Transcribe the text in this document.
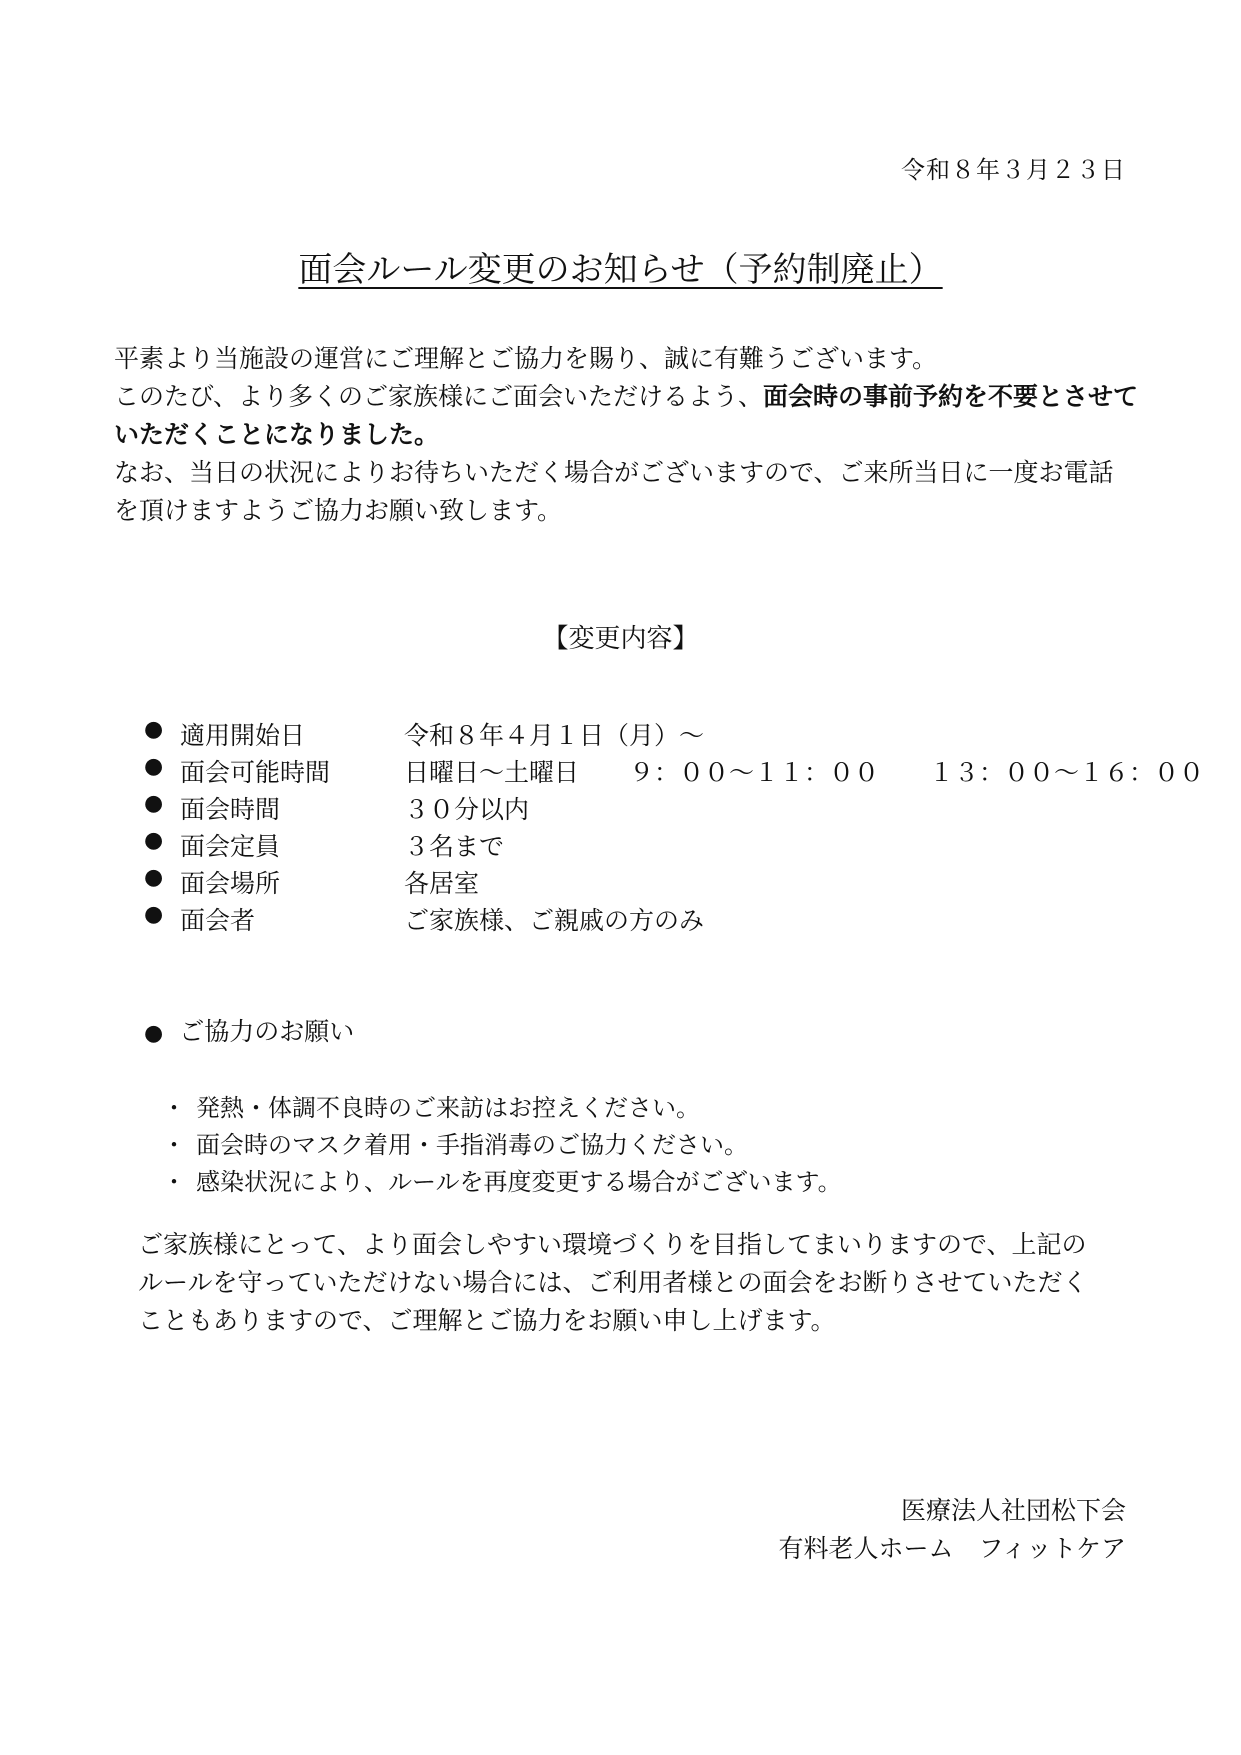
令和８年３月２３日
面会ルール変更のお知らせ（予約制廃止）

平素より当施設の運営にご理解とご協力を賜り、誠に有難うございます。

このたび、より多くのご家族様にご面会いただけるよう、面会時の事前予約を不要とさせて

いただくことになりました。

なお、当日の状況によりお待ちいただく場合がございますので、ご来所当日に一度お電話

を頂けますようご協力お願い致します。

【変更内容】
● 適用開始日	令和８年４月１日（月）～
● 面会可能時間	日曜日～土曜日 ９：００～１１：００ １３：００～１６：００
● 面会時間	３０分以内
● 面会定員	３名まで
● 面会場所	各居室
● 面会者	ご家族様、ご親戚の方のみ
● ご協力のお願い
・ 発熱・体調不良時のご来訪はお控えください。
・ 面会時のマスク着用・手指消毒のご協力ください。
・ 感染状況により、ルールを再度変更する場合がございます。

ご家族様にとって、より面会しやすい環境づくりを目指してまいりますので、上記の

ルールを守っていただけない場合には、ご利用者様との面会をお断りさせていただく

こともありますので、ご理解とご協力をお願い申し上げます。

医療法人社団松下会
有料老人ホーム　フィットケア
